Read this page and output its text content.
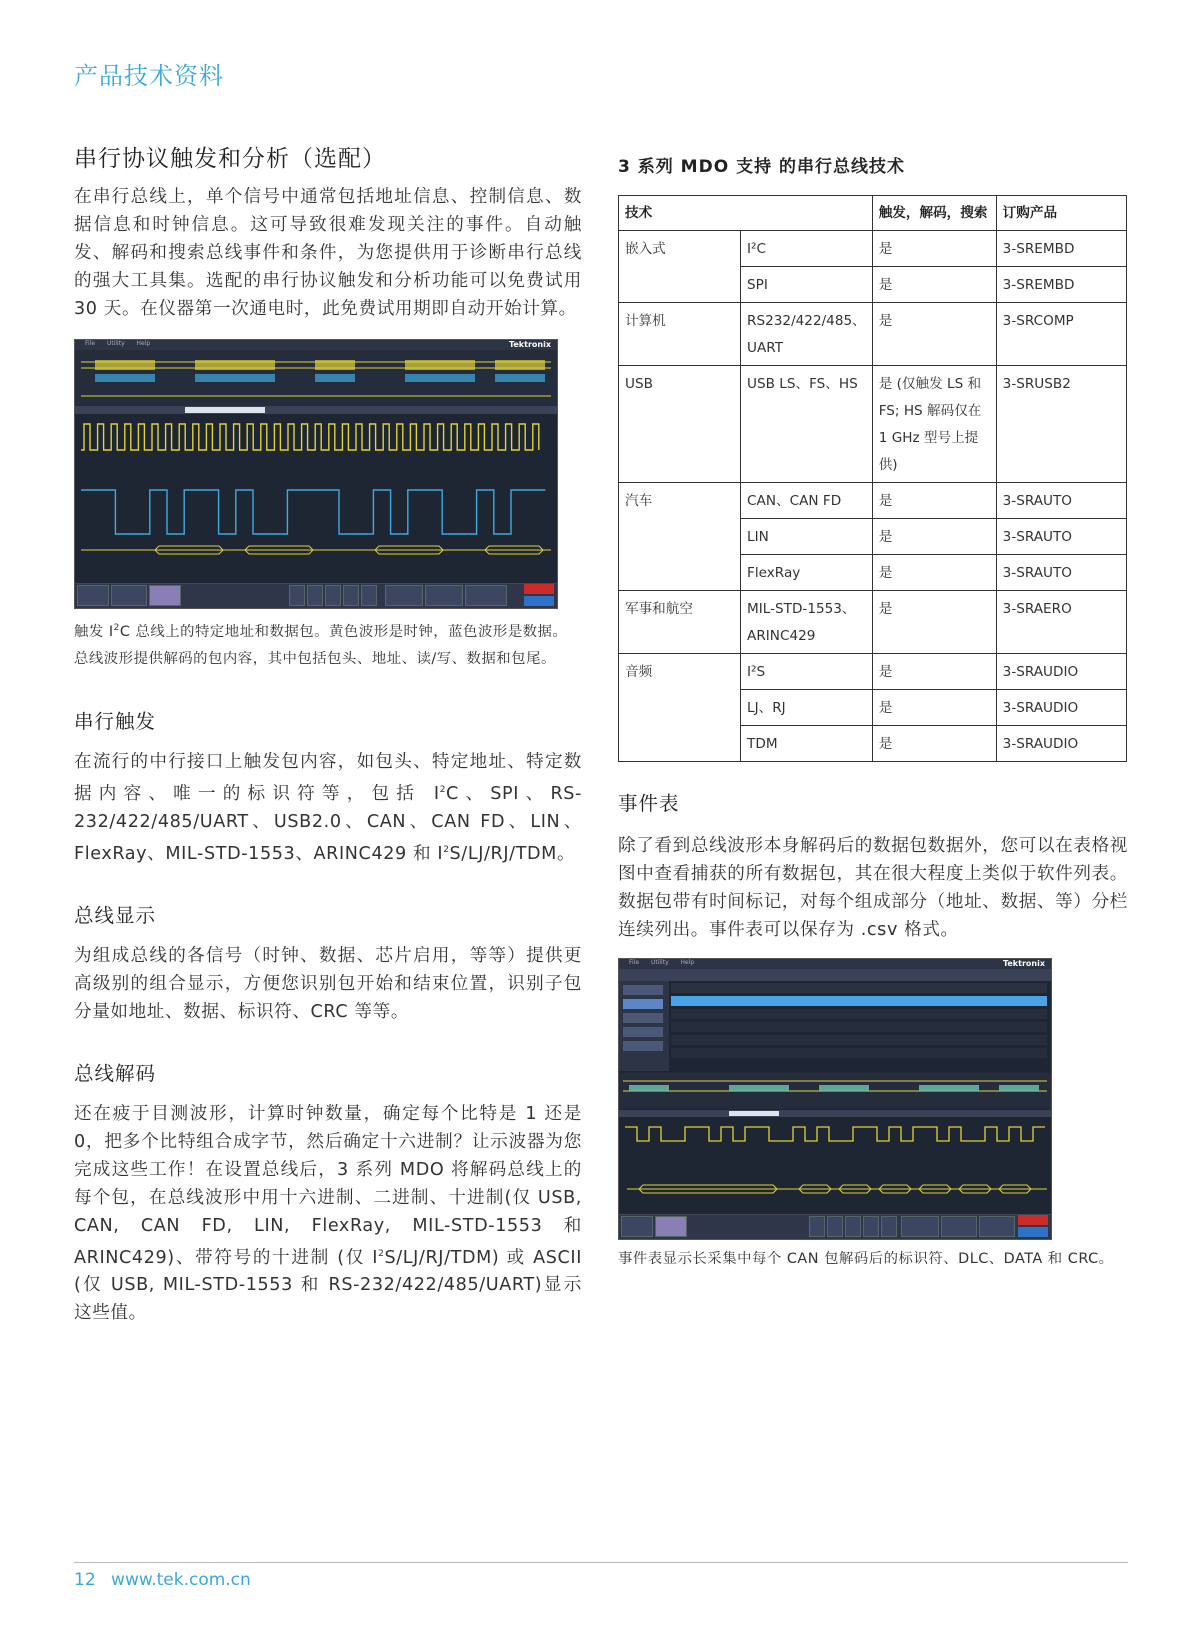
产品技术资料
串行协议触发和分析（选配）

在串行总线上，单个信号中通常包括地址信息、控制信息、数据信息和时钟信息。这可导致很难发现关注的事件。自动触发、解码和搜索总线事件和条件，为您提供用于诊断串行总线的强大工具集。选配的串行协议触发和分析功能可以免费试用 30 天。在仪器第一次通电时，此免费试用期即自动开始计算。

File Utility Help	Tektronix

触发 $I^2C$ 总线上的特定地址和数据包。黄色波形是时钟，蓝色波形是数据。总线波形提供解码的包内容，其中包括包头、地址、读/写、数据和包尾。

串行触发

在流行的中行接口上触发包内容，如包头、特定地址、特定数据内容、唯一的标识符等，包括 $I^2C$、SPI、RS-232/422/485/UART、USB2.0、CAN、CAN FD、LIN、FlexRay、MIL-STD-1553、ARINC429 和 $I^2S/LJ/RJ$/TDM。

总线显示

为组成总线的各信号（时钟、数据、芯片启用，等等）提供更高级别的组合显示，方便您识别包开始和结束位置，识别子包分量如地址、数据、标识符、CRC 等等。

总线解码

还在疲于目测波形，计算时钟数量，确定每个比特是 1 还是 0，把多个比特组合成字节，然后确定十六进制？让示波器为您完成这些工作！在设置总线后，3 系列 MDO 将解码总线上的每个包，在总线波形中用十六进制、二进制、十进制(仅 USB, CAN, CAN FD, LIN, FlexRay, MIL-STD-1553 和 ARINC429)、带符号的十进制 (仅 $I^2S/LJ/RJ/TDM$) 或 ASCII (仅 USB, MIL-STD-1553 和 RS-232/422/485/UART)显示这些值。

3 系列 MDO 支持 的串行总线技术
技术		触发，解码，搜索	订购产品
嵌入式	I²C	是	3-SREMBD
	SPI	是	3-SREMBD
计算机	RS232/422/485、UART	是	3-SRCOMP
USB	USB LS、FS、HS	是 (仅触发 LS 和 FS; HS 解码仅在 1 GHz 型号上提供)	3-SRUSB2
汽车	CAN、CAN FD	是	3-SRAUTO
	LIN	是	3-SRAUTO
	FlexRay	是	3-SRAUTO
军事和航空	MIL-STD-1553、ARINC429	是	3-SRAERO
音频	I²S	是	3-SRAUDIO
	LJ、RJ	是	3-SRAUDIO
	TDM	是	3-SRAUDIO
事件表

除了看到总线波形本身解码后的数据包数据外，您可以在表格视图中查看捕获的所有数据包，其在很大程度上类似于软件列表。数据包带有时间标记，对每个组成部分（地址、数据、等）分栏连续列出。事件表可以保存为 .csv 格式。

File Utility Help	Tektronix

事件表显示长采集中每个 CAN 包解码后的标识符、DLC、DATA 和 CRC。

12 www.tek.com.cn
